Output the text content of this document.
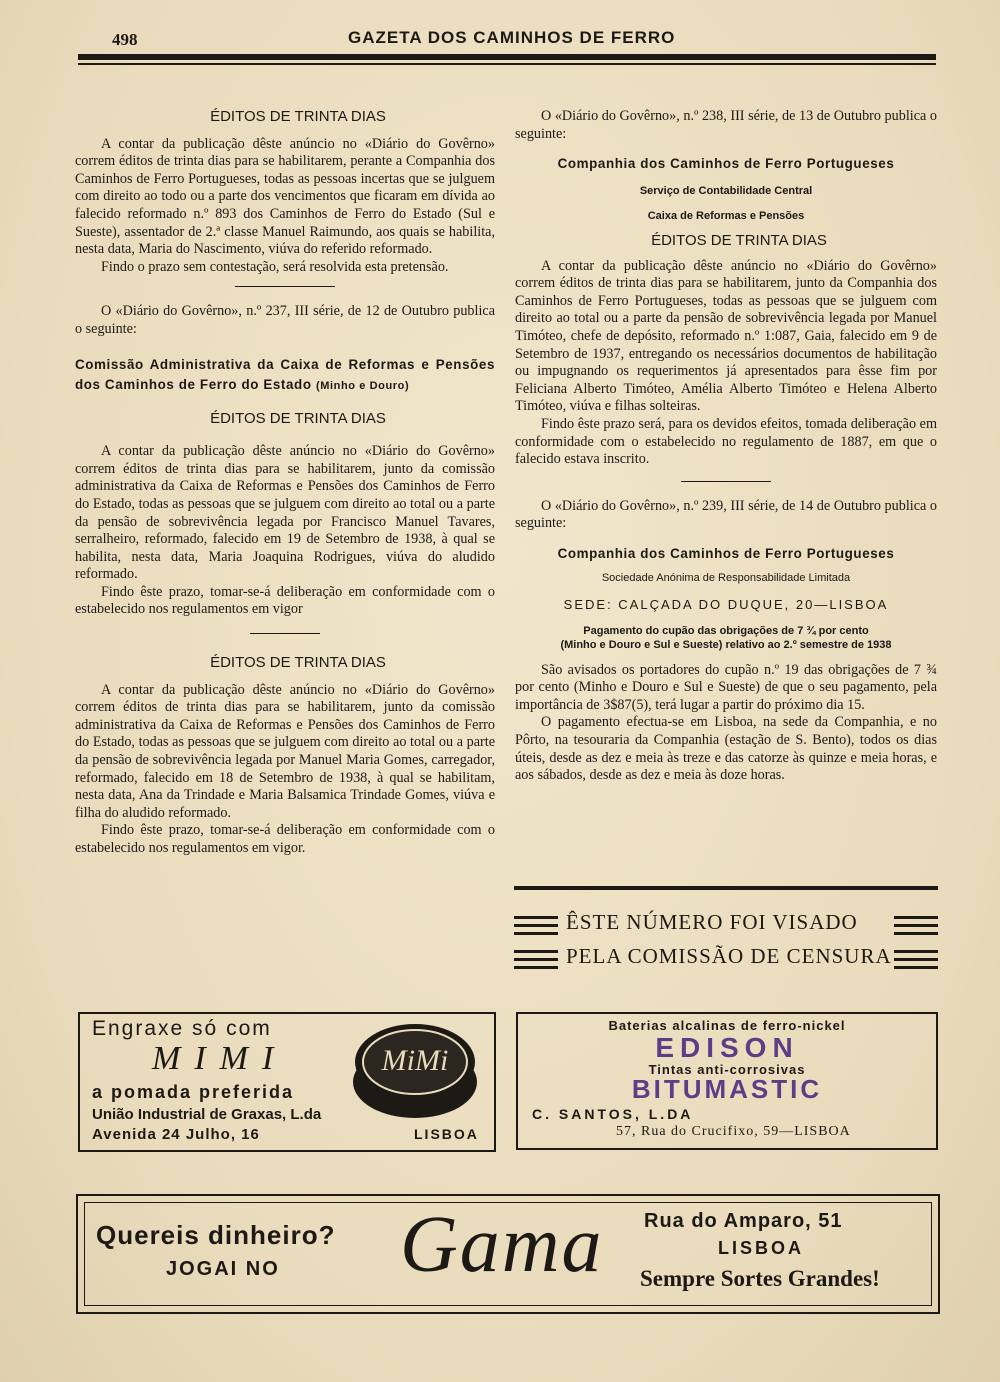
498	GAZETA DOS CAMINHOS DE FERRO

ÉDITOS DE TRINTA DIAS

A contar da publicação dêste anúncio no «Diário do Govêrno» correm éditos de trinta dias para se habilitarem, perante a Companhia dos Caminhos de Ferro Portugueses, todas as pessoas incertas que se julguem com direito ao todo ou a parte dos vencimentos que ficaram em dívida ao falecido reformado n.º 893 dos Caminhos de Ferro do Estado (Sul e Sueste), assentador de 2.ª classe Manuel Raimundo, aos quais se habilita, nesta data, Maria do Nascimento, viúva do referido reformado.

Findo o prazo sem contestação, será resolvida esta pretensão.

O «Diário do Govêrno», n.º 237, III série, de 12 de Outubro publica o seguinte:

Comissão Administrativa da Caixa de Reformas e Pensões dos Caminhos de Ferro do Estado (Minho e Douro)

ÉDITOS DE TRINTA DIAS

A contar da publicação dêste anúncio no «Diário do Govêrno» correm éditos de trinta dias para se habilitarem, junto da comissão administrativa da Caixa de Reformas e Pensões dos Caminhos de Ferro do Estado, todas as pessoas que se julguem com direito ao total ou a parte da pensão de sobrevivência legada por Francisco Manuel Tavares, serralheiro, reformado, falecido em 19 de Setembro de 1938, à qual se habilita, nesta data, Maria Joaquina Rodrigues, viúva do aludido reformado.

Findo êste prazo, tomar-se-á deliberação em conformidade com o estabelecido nos regulamentos em vigor

ÉDITOS DE TRINTA DIAS

A contar da publicação dêste anúncio no «Diário do Govêrno» correm éditos de trinta dias para se habilitarem, junto da comissão administrativa da Caixa de Reformas e Pensões dos Caminhos de Ferro do Estado, todas as pessoas que se julguem com direito ao total ou a parte da pensão de sobrevivência legada por Manuel Maria Gomes, carregador, reformado, falecido em 18 de Setembro de 1938, à qual se habilitam, nesta data, Ana da Trindade e Maria Balsamica Trindade Gomes, viúva e filha do aludido reformado.

Findo êste prazo, tomar-se-á deliberação em conformidade com o estabelecido nos regulamentos em vigor.

O «Diário do Govêrno», n.º 238, III série, de 13 de Outubro publica o seguinte:

Companhia dos Caminhos de Ferro Portugueses
Serviço de Contabilidade Central
Caixa de Reformas e Pensões

ÉDITOS DE TRINTA DIAS

A contar da publicação dêste anúncio no «Diário do Govêrno» correm éditos de trinta dias para se habilitarem, junto da Companhia dos Caminhos de Ferro Portugueses, todas as pessoas que se julguem com direito ao total ou a parte da pensão de sobrevivência legada por Manuel Timóteo, chefe de depósito, reformado n.º 1:087, Gaia, falecido em 9 de Setembro de 1937, entregando os necessários documentos de habilitação ou impugnando os requerimentos já apresentados para êsse fim por Feliciana Alberto Timóteo, Amélia Alberto Timóteo e Helena Alberto Timóteo, viúva e filhas solteiras.

Findo êste prazo será, para os devidos efeitos, tomada deliberação em conformidade com o estabelecido no regulamento de 1887, em que o falecido estava inscrito.

O «Diário do Govêrno», n.º 239, III série, de 14 de Outubro publica o seguinte:

Companhia dos Caminhos de Ferro Portugueses
Sociedade Anónima de Responsabilidade Limitada
SEDE: CALÇADA DO DUQUE, 20—LISBOA
Pagamento do cupão das obrigações de 7 ¾ por cento
(Minho e Douro e Sul e Sueste) relativo ao 2.º semestre de 1938

São avisados os portadores do cupão n.º 19 das obrigações de 7 ¾ por cento (Minho e Douro e Sul e Sueste) de que o seu pagamento, pela importância de 3$87(5), terá lugar a partir do próximo dia 15.

O pagamento efectua-se em Lisboa, na sede da Companhia, e no Pôrto, na tesouraria da Companhia (estação de S. Bento), todos os dias úteis, desde as dez e meia às treze e das catorze às quinze e meia horas, e aos sábados, desde as dez e meia às doze horas.

ÊSTE NÚMERO FOI VISADO
PELA COMISSÃO DE CENSURA
Engraxe só com
MIMI
a pomada preferida
União Industrial de Graxas, L.da
Avenida 24 Julho, 16	LISBOA
MiMi
Baterias alcalinas de ferro-nickel
EDISON
Tintas anti-corrosivas
BITUMASTIC
C. SANTOS, L.DA
57, Rua do Crucifixo, 59—LISBOA
Quereis dinheiro?
JOGAI NO Gama Rua do Amparo, 51
LISBOA
Sempre Sortes Grandes!
